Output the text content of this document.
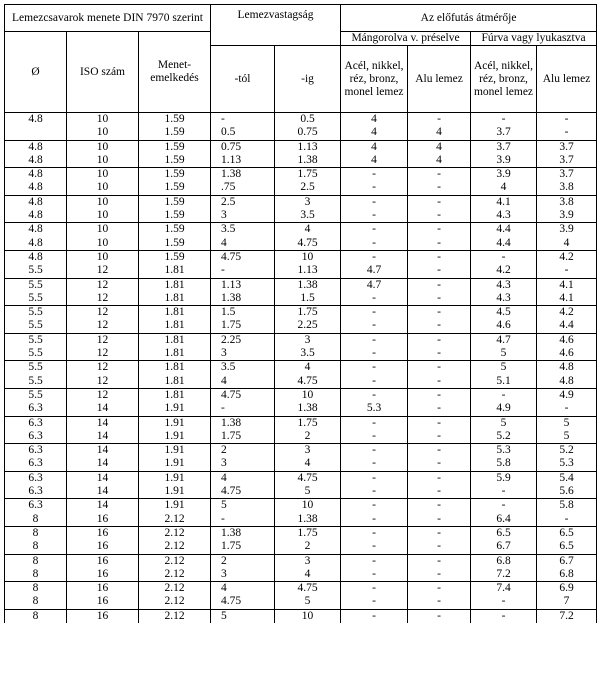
Lemezcsavarok menete DIN 7970 szerint			Lemezvastagság		Az előfutás átmérője			
Ø	ISO szám	Menet-emelkedés			Mángorolva v. préselve		Fúrva vagy lyukasztva	
			-tól	-ig	Acél, nikkel, réz, bronz, monel lemez	Alu lemez	Acél, nikkel, réz, bronz, monel lemez	Alu lemez
4.8	10	1.59	-	0.5	4	-	-	-
	10	1.59	0.5	0.75	4	4	3.7	-
4.8	10	1.59	0.75	1.13	4	4	3.7	3.7
4.8	10	1.59	1.13	1.38	4	4	3.9	3.7
4.8	10	1.59	1.38	1.75	-	-	3.9	3.7
4.8	10	1.59	.75	2.5	-	-	4	3.8
4.8	10	1.59	2.5	3	-	-	4.1	3.8
4.8	10	1.59	3	3.5	-	-	4.3	3.9
4.8	10	1.59	3.5	4	-	-	4.4	3.9
4.8	10	1.59	4	4.75	-	-	4.4	4
4.8	10	1.59	4.75	10	-	-	-	4.2
5.5	12	1.81	-	1.13	4.7	-	4.2	-
5.5	12	1.81	1.13	1.38	4.7	-	4.3	4.1
5.5	12	1.81	1.38	1.5	-	-	4.3	4.1
5.5	12	1.81	1.5	1.75	-	-	4.5	4.2
5.5	12	1.81	1.75	2.25	-	-	4.6	4.4
5.5	12	1.81	2.25	3	-	-	4.7	4.6
5.5	12	1.81	3	3.5	-	-	5	4.6
5.5	12	1.81	3.5	4	-	-	5	4.8
5.5	12	1.81	4	4.75	-	-	5.1	4.8
5.5	12	1.81	4.75	10	-	-	-	4.9
6.3	14	1.91	-	1.38	5.3	-	4.9	-
6.3	14	1.91	1.38	1.75	-	-	5	5
6.3	14	1.91	1.75	2	-	-	5.2	5
6.3	14	1.91	2	3	-	-	5.3	5.2
6.3	14	1.91	3	4	-	-	5.8	5.3
6.3	14	1.91	4	4.75	-	-	5.9	5.4
6.3	14	1.91	4.75	5	-	-	-	5.6
6.3	14	1.91	5	10	-	-	-	5.8
8	16	2.12	-	1.38	-	-	6.4	-
8	16	2.12	1.38	1.75	-	-	6.5	6.5
8	16	2.12	1.75	2	-	-	6.7	6.5
8	16	2.12	2	3	-	-	6.8	6.7
8	16	2.12	3	4	-	-	7.2	6.8
8	16	2.12	4	4.75	-	-	7.4	6.9
8	16	2.12	4.75	5	-	-	-	7
8	16	2.12	5	10	-	-	-	7.2
